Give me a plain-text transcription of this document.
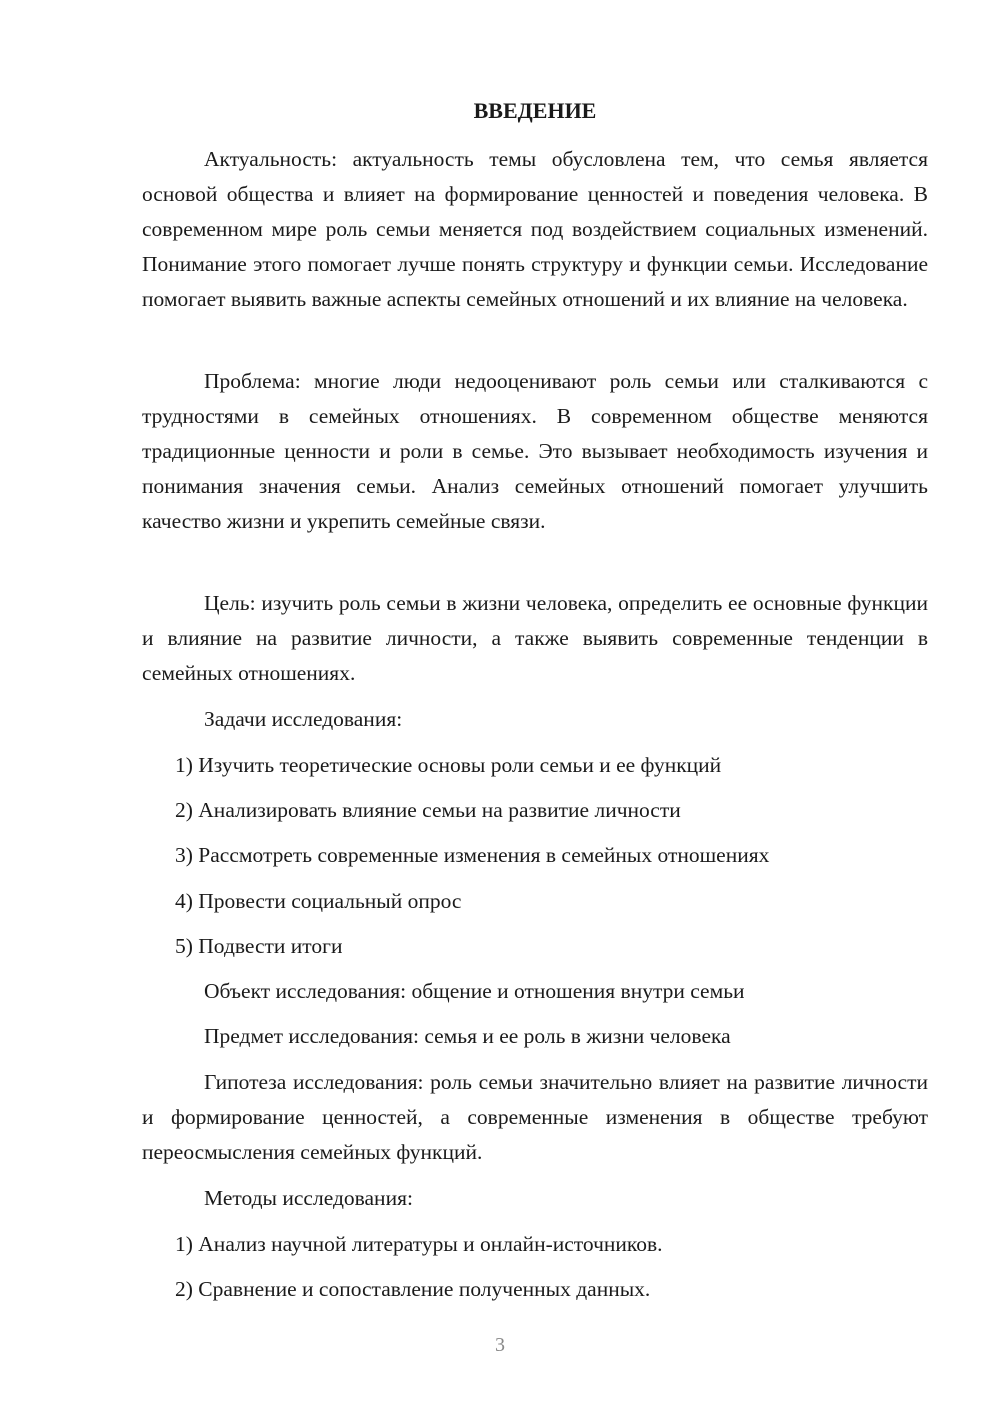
ВВЕДЕНИЕ

Актуальность: актуальность темы обусловлена тем, что семья является основой общества и влияет на формирование ценностей и поведения человека. В современном мире роль семьи меняется под воздействием социальных изменений. Понимание этого помогает лучше понять структуру и функции семьи. Исследование помогает выявить важные аспекты семейных отношений и их влияние на человека.

Проблема: многие люди недооценивают роль семьи или сталкиваются с трудностями в семейных отношениях. В современном обществе меняются традиционные ценности и роли в семье. Это вызывает необходимость изучения и понимания значения семьи. Анализ семейных отношений помогает улучшить качество жизни и укрепить семейные связи.

Цель: изучить роль семьи в жизни человека, определить ее основные функции и влияние на развитие личности, а также выявить современные тенденции в семейных отношениях.

Задачи исследования:

1) Изучить теоретические основы роли семьи и ее функций

2) Анализировать влияние семьи на развитие личности

3) Рассмотреть современные изменения в семейных отношениях

4) Провести социальный опрос

5) Подвести итоги

Объект исследования: общение и отношения внутри семьи

Предмет исследования: семья и ее роль в жизни человека

Гипотеза исследования: роль семьи значительно влияет на развитие личности и формирование ценностей, а современные изменения в обществе требуют переосмысления семейных функций.

Методы исследования:

1) Анализ научной литературы и онлайн-источников.

2) Сравнение и сопоставление полученных данных.

3
